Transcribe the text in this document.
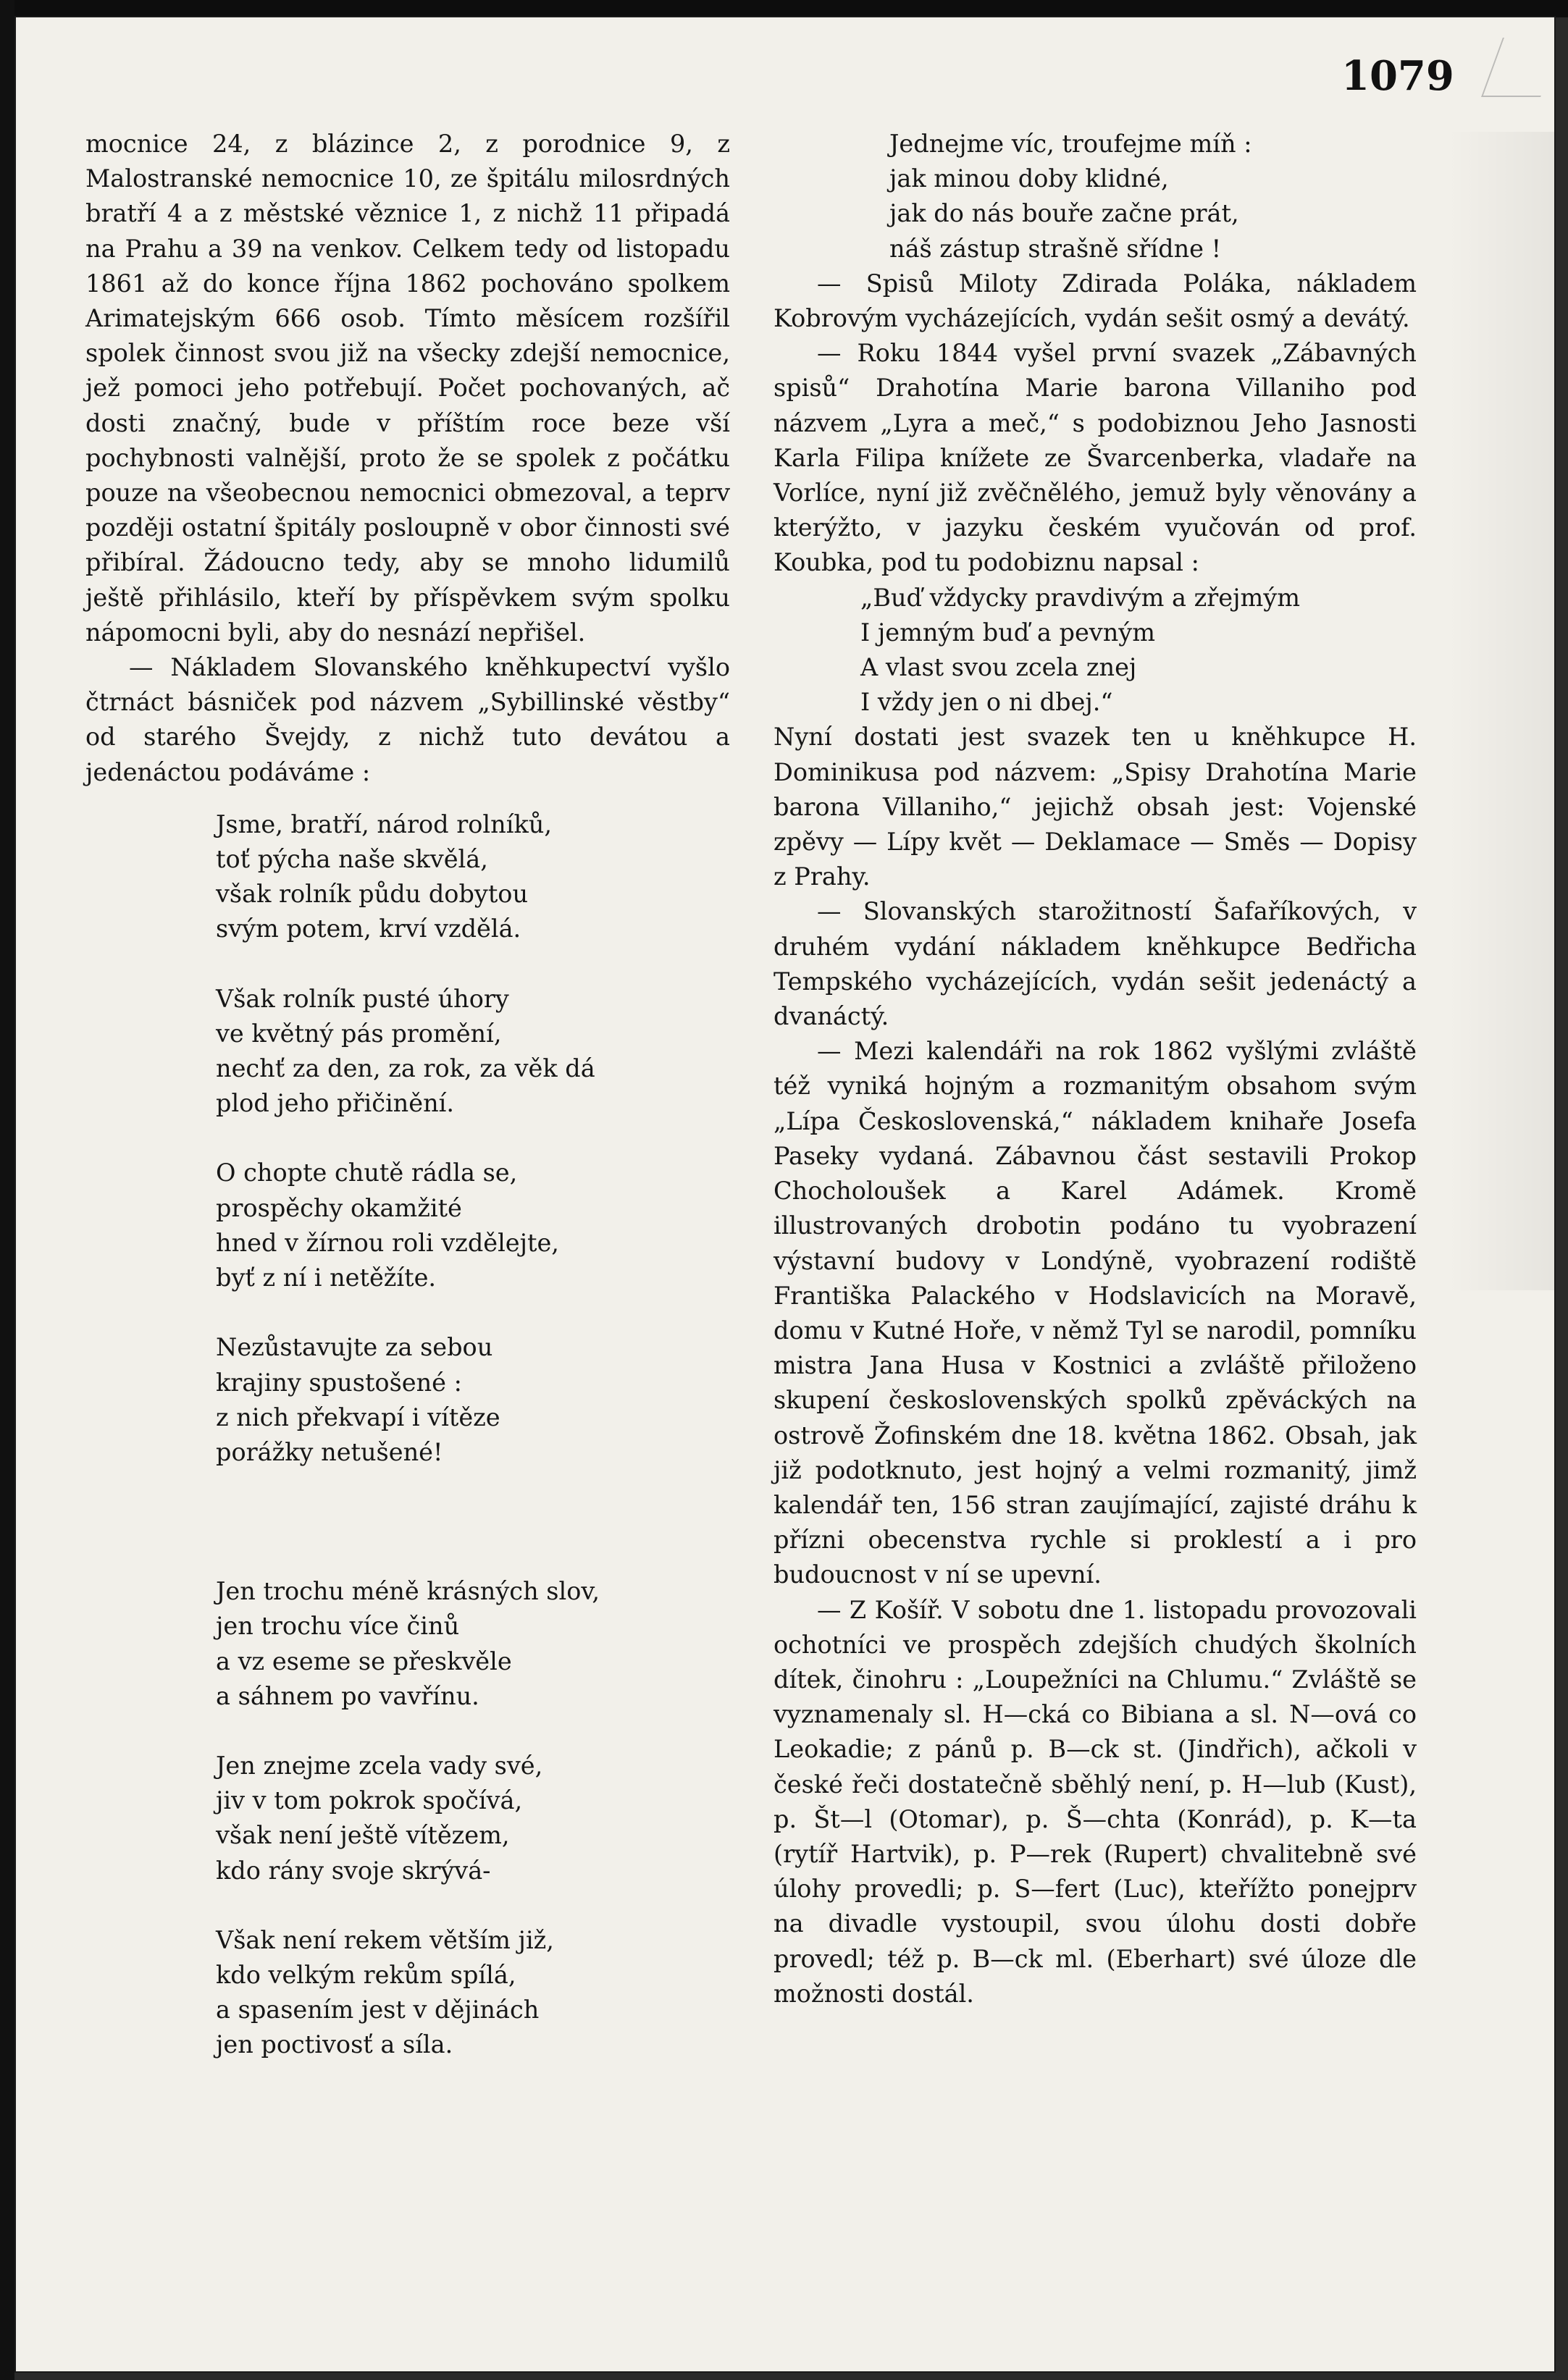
1079

mocnice 24, z blázince 2, z porodnice 9, z Malostranské nemocnice 10, ze špitálu milosrdných bratří 4 a z městské věznice 1, z nichž 11 připadá na Prahu a 39 na venkov. Celkem tedy od listopadu 1861 až do konce října 1862 pochováno spolkem Arimatejským 666 osob. Tímto měsícem rozšířil spolek činnost svou již na všecky zdejší nemocnice, jež pomoci jeho potřebují. Počet pochovaných, ač dosti značný, bude v příštím roce beze vší pochybnosti valnější, proto že se spolek z počátku pouze na všeobecnou nemocnici obmezoval, a teprv později ostatní špitály posloupně v obor činnosti své přibíral. Žádoucno tedy, aby se mnoho lidumilů ještě přihlásilo, kteří by příspěvkem svým spolku nápomocni byli, aby do nesnází nepřišel.

— Nákladem Slovanského kněhkupectví vyšlo čtrnáct básniček pod názvem „Sybillinské věstby“ od starého Švejdy, z nichž tuto devátou a jedenáctou podáváme :

Jsme, bratří, národ rolníků,
toť pýcha naše skvělá,
však rolník půdu dobytou
svým potem, krví vzdělá.
Však rolník pusté úhory
ve květný pás promění,
nechť za den, za rok, za věk dá
plod jeho přičinění.
O chopte chutě rádla se,
prospěchy okamžité
hned v žírnou roli vzdělejte,
byť z ní i netěžíte.
Nezůstavujte za sebou
krajiny spustošené :
z nich překvapí i vítěze
porážky netušené!
Jen trochu méně krásných slov,
jen trochu více činů
a vz eseme se přeskvěle
a sáhnem po vavřínu.
Jen znejme zcela vady své,
jiv v tom pokrok spočívá,
však není ještě vítězem,
kdo rány svoje skrývá-
Však není rekem větším již,
kdo velkým rekům spílá,
a spasením jest v dějinách
jen poctivosť a síla.
Jednejme víc, troufejme míň :
jak minou doby klidné,
jak do nás bouře začne prát,
náš zástup strašně sřídne !

— Spisů Miloty Zdirada Poláka, nákladem Kobrovým vycházejících, vydán sešit osmý a devátý.

— Roku 1844 vyšel první svazek „Zábavných spisů“ Drahotína Marie barona Villaniho pod názvem „Lyra a meč,“ s podobiznou Jeho Jasnosti Karla Filipa knížete ze Švarcenberka, vladaře na Vorlíce, nyní již zvěčnělého, jemuž byly věnovány a kterýžto, v jazyku českém vyučován od prof. Koubka, pod tu podobiznu napsal :

„Buď vždycky pravdivým a zřejmým
I jemným buď a pevným
A vlast svou zcela znej
I vždy jen o ni dbej.“

Nyní dostati jest svazek ten u kněhkupce H. Dominikusa pod názvem: „Spisy Drahotína Marie barona Villaniho,“ jejichž obsah jest: Vojenské zpěvy — Lípy květ — Deklamace — Směs — Dopisy z Prahy.

— Slovanských starožitností Šafaříkových, v druhém vydání nákladem kněhkupce Bedřicha Tempského vycházejících, vydán sešit jedenáctý a dvanáctý.

— Mezi kalendáři na rok 1862 vyšlými zvláště též vyniká hojným a rozmanitým obsahom svým „Lípa Československá,“ nákladem knihaře Josefa Paseky vydaná. Zábavnou část sestavili Prokop Chocholoušek a Karel Adámek. Kromě illustrovaných drobotin podáno tu vyobrazení výstavní budovy v Londýně, vyobrazení rodiště Františka Palackého v Hodslavicích na Moravě, domu v Kutné Hoře, v němž Tyl se narodil, pomníku mistra Jana Husa v Kostnici a zvláště přiloženo skupení československých spolků zpěváckých na ostrově Žofinském dne 18. května 1862. Obsah, jak již podotknuto, jest hojný a velmi rozmanitý, jimž kalendář ten, 156 stran zaujímající, zajisté dráhu k přízni obecenstva rychle si proklestí a i pro budoucnost v ní se upevní.

— Z Košíř. V sobotu dne 1. listopadu provozovali ochotníci ve prospěch zdejších chudých školních dítek, činohru : „Loupežníci na Chlumu.“ Zvláště se vyznamenaly sl. H—cká co Bibiana a sl. N—ová co Leokadie; z pánů p. B—ck st. (Jindřich), ačkoli v české řeči dostatečně sběhlý není, p. H—lub (Kust), p. Št—l (Otomar), p. Š—chta (Konrád), p. K—ta (rytíř Hartvik), p. P—rek (Rupert) chvalitebně své úlohy provedli; p. S—fert (Luc), kteřížto ponejprv na divadle vystoupil, svou úlohu dosti dobře provedl; též p. B—ck ml. (Eberhart) své úloze dle možnosti dostál.
